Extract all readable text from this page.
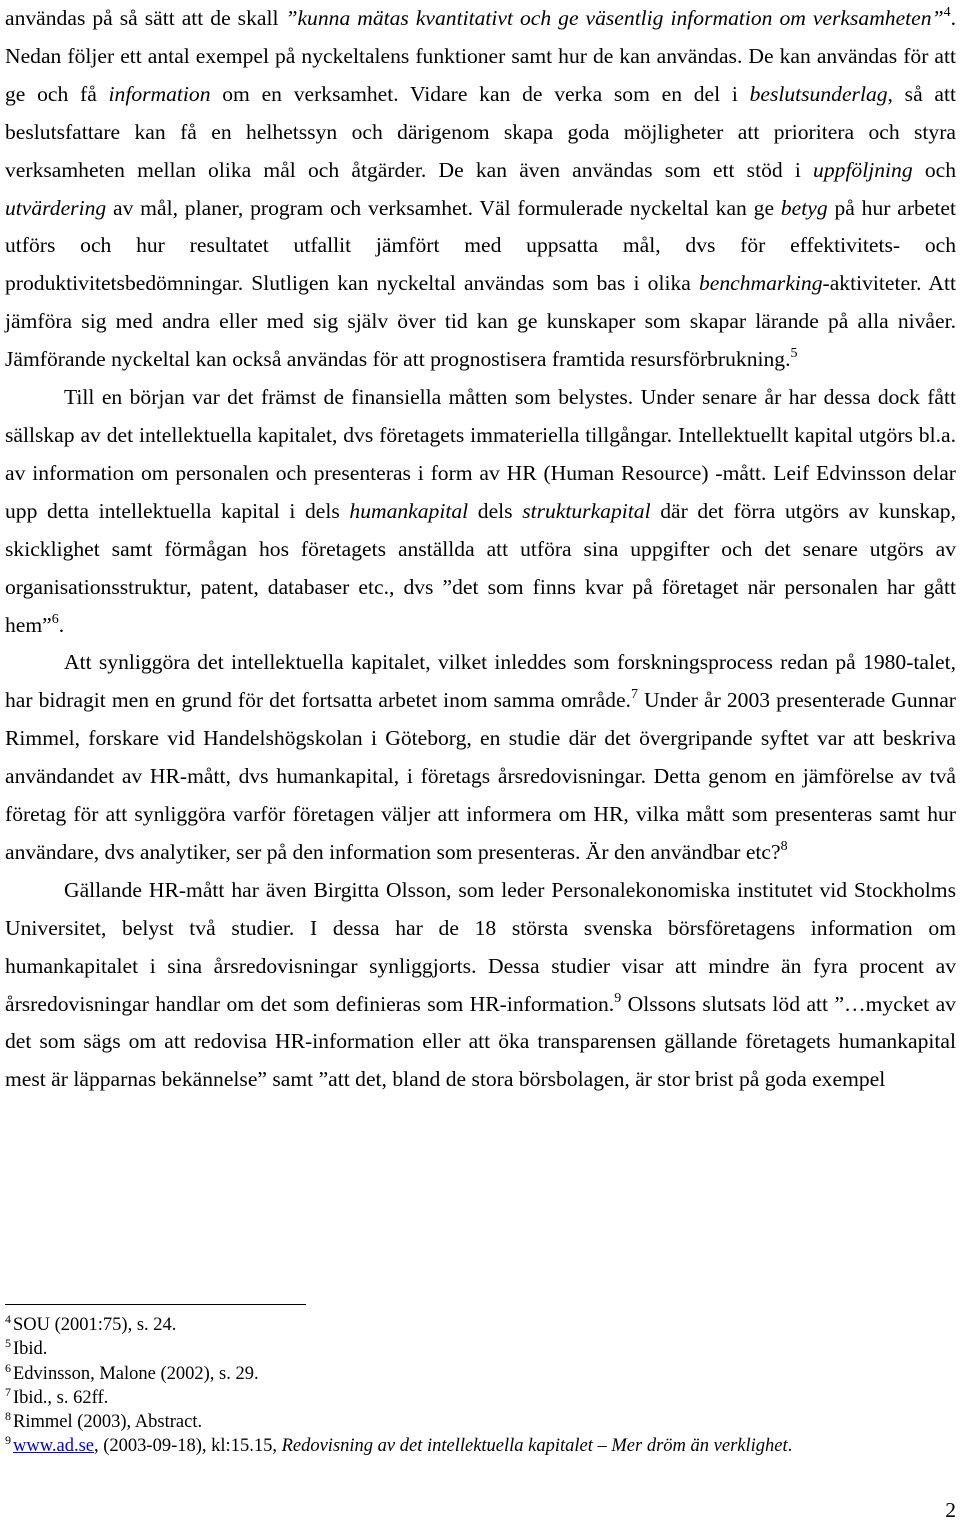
användas på så sätt att de skall ”kunna mätas kvantitativt och ge väsentlig information om verksamheten”$^4$. Nedan följer ett antal exempel på nyckeltalens funktioner samt hur de kan användas. De kan användas för att ge och få information om en verksamhet. Vidare kan de verka som en del i beslutsunderlag, så att beslutsfattare kan få en helhetssyn och därigenom skapa goda möjligheter att prioritera och styra verksamheten mellan olika mål och åtgärder. De kan även användas som ett stöd i uppföljning och utvärdering av mål, planer, program och verksamhet. Väl formulerade nyckeltal kan ge betyg på hur arbetet utförs och hur resultatet utfallit jämfört med uppsatta mål, dvs för effektivitets- och produktivitetsbedömningar. Slutligen kan nyckeltal användas som bas i olika benchmarking-aktiviteter. Att jämföra sig med andra eller med sig själv över tid kan ge kunskaper som skapar lärande på alla nivåer. Jämförande nyckeltal kan också användas för att prognostisera framtida resursförbrukning.$^5$

Till en början var det främst de finansiella måtten som belystes. Under senare år har dessa dock fått sällskap av det intellektuella kapitalet, dvs företagets immateriella tillgångar. Intellektuellt kapital utgörs bl.a. av information om personalen och presenteras i form av HR (Human Resource) -mått. Leif Edvinsson delar upp detta intellektuella kapital i dels humankapital dels strukturkapital där det förra utgörs av kunskap, skicklighet samt förmågan hos företagets anställda att utföra sina uppgifter och det senare utgörs av organisationsstruktur, patent, databaser etc., dvs ”det som finns kvar på företaget när personalen har gått hem”$^6$.

Att synliggöra det intellektuella kapitalet, vilket inleddes som forskningsprocess redan på 1980-talet, har bidragit men en grund för det fortsatta arbetet inom samma område.$^7$ Under år 2003 presenterade Gunnar Rimmel, forskare vid Handelshögskolan i Göteborg, en studie där det övergripande syftet var att beskriva användandet av HR-mått, dvs humankapital, i företags årsredovisningar. Detta genom en jämförelse av två företag för att synliggöra varför företagen väljer att informera om HR, vilka mått som presenteras samt hur användare, dvs analytiker, ser på den information som presenteras. Är den användbar etc?$^8$

Gällande HR-mått har även Birgitta Olsson, som leder Personalekonomiska institutet vid Stockholms Universitet, belyst två studier. I dessa har de 18 största svenska börsföretagens information om humankapitalet i sina årsredovisningar synliggjorts. Dessa studier visar att mindre än fyra procent av årsredovisningar handlar om det som definieras som HR-information.$^9$ Olssons slutsats löd att ”…mycket av det som sägs om att redovisa HR-information eller att öka transparensen gällande företagets humankapital mest är läpparnas bekännelse” samt ”att det, bland de stora börsbolagen, är stor brist på goda exempel

$^4$ SOU (2001:75), s. 24.

$^5$ Ibid.

$^6$ Edvinsson, Malone (2002), s. 29.

$^7$ Ibid., s. 62ff.

$^8$ Rimmel (2003), Abstract.

$^9$ www.ad.se, (2003-09-18), kl:15.15, Redovisning av det intellektuella kapitalet – Mer dröm än verklighet.

2
